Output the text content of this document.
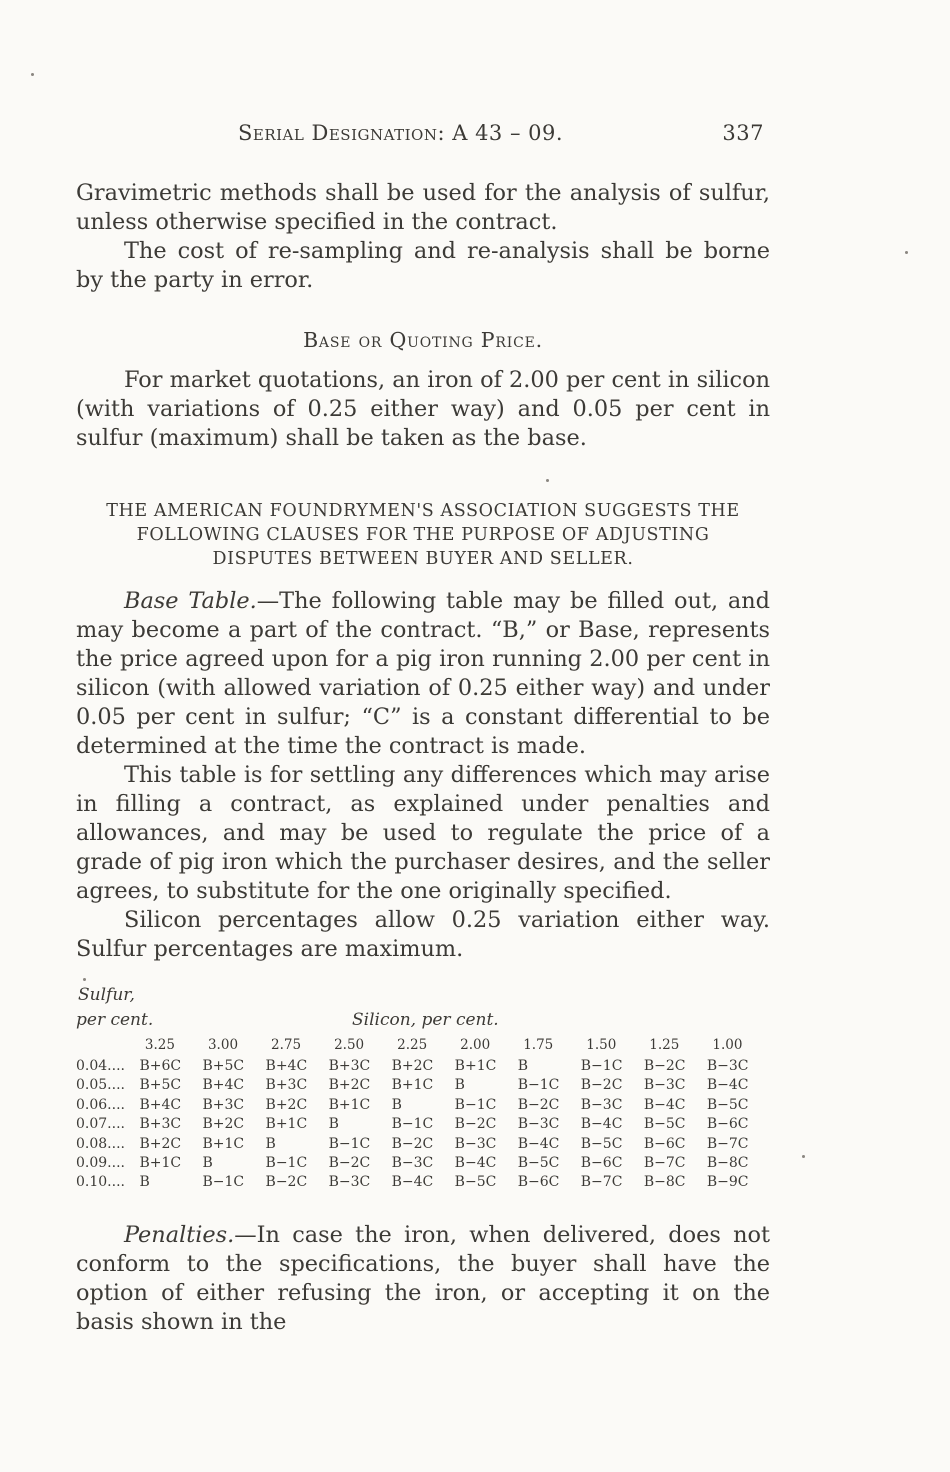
Serial Designation: A 43 – 09.	337
Gravimetric methods shall be used for the analysis of sulfur, unless otherwise specified in the contract.
The cost of re-sampling and re-analysis shall be borne by the party in error.
Base or Quoting Price.
For market quotations, an iron of 2.00 per cent in silicon (with variations of 0.25 either way) and 0.05 per cent in sulfur (maximum) shall be taken as the base.
THE AMERICAN FOUNDRYMEN'S ASSOCIATION SUGGESTS THE
FOLLOWING CLAUSES FOR THE PURPOSE OF ADJUSTING
DISPUTES BETWEEN BUYER AND SELLER.
Base Table.—The following table may be filled out, and may become a part of the contract. “B,” or Base, represents the price agreed upon for a pig iron running 2.00 per cent in silicon (with allowed variation of 0.25 either way) and under 0.05 per cent in sulfur; “C” is a constant differential to be determined at the time the contract is made.
This table is for settling any differences which may arise in filling a contract, as explained under penalties and allowances, and may be used to regulate the price of a grade of pig iron which the purchaser desires, and the seller agrees, to substitute for the one originally specified.
Silicon percentages allow 0.25 variation either way. Sulfur percentages are maximum.
Sulfur,
per cent.	Silicon, per cent.
	3.25	3.00	2.75	2.50	2.25	2.00	1.75	1.50	1.25	1.00
0.04....	B+6C	B+5C	B+4C	B+3C	B+2C	B+1C	B	B−1C	B−2C	B−3C
0.05....	B+5C	B+4C	B+3C	B+2C	B+1C	B	B−1C	B−2C	B−3C	B−4C
0.06....	B+4C	B+3C	B+2C	B+1C	B	B−1C	B−2C	B−3C	B−4C	B−5C
0.07....	B+3C	B+2C	B+1C	B	B−1C	B−2C	B−3C	B−4C	B−5C	B−6C
0.08....	B+2C	B+1C	B	B−1C	B−2C	B−3C	B−4C	B−5C	B−6C	B−7C
0.09....	B+1C	B	B−1C	B−2C	B−3C	B−4C	B−5C	B−6C	B−7C	B−8C
0.10....	B	B−1C	B−2C	B−3C	B−4C	B−5C	B−6C	B−7C	B−8C	B−9C
Penalties.—In case the iron, when delivered, does not conform to the specifications, the buyer shall have the option of either refusing the iron, or accepting it on the basis shown in the
